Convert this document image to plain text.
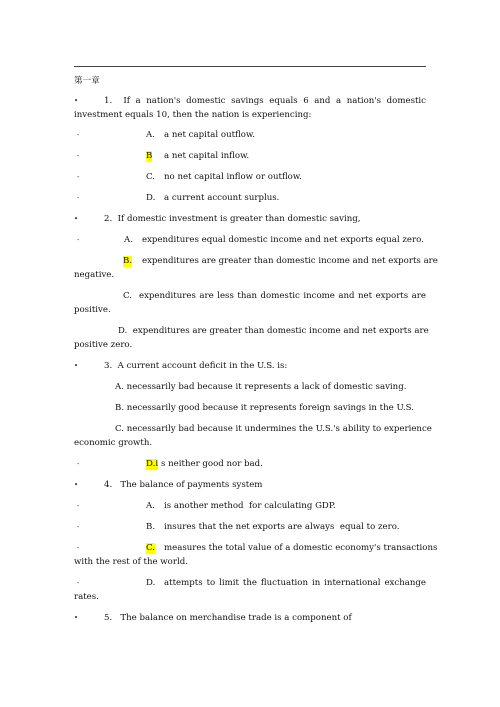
第一章
•	1.  If a nation's domestic savings equals 6 and a nation's domestic
investment equals 10, then the nation is experiencing:
-	A. a net capital outflow.
-	B a net capital inflow.
-	C. no net capital inflow or outflow.
-	D. a current account surplus.
•	2.  If domestic investment is greater than domestic saving,
-	A. expenditures equal domestic income and net exports equal zero.
B. expenditures are greater than domestic income and net exports are
negative.
C.  expenditures are less than domestic income and net exports are
positive.
D.  expenditures are greater than domestic income and net exports are
positive zero.
•	3.  A current account deficit in the U.S. is:
A. necessarily bad because it represents a lack of domestic saving.
B. necessarily good because it represents foreign savings in the U.S.
C. necessarily bad because it undermines the U.S.'s ability to experience
economic growth.
-	D.i s neither good nor bad.
•	4.   The balance of payments system
-	A. is another method  for calculating GDP.
-	B. insures that the net exports are always  equal to zero.
-	C. measures the total value of a domestic economy's transactions
with the rest of the world.
-	D. attempts to limit the fluctuation in international exchange
rates.
•	5.   The balance on merchandise trade is a component of
